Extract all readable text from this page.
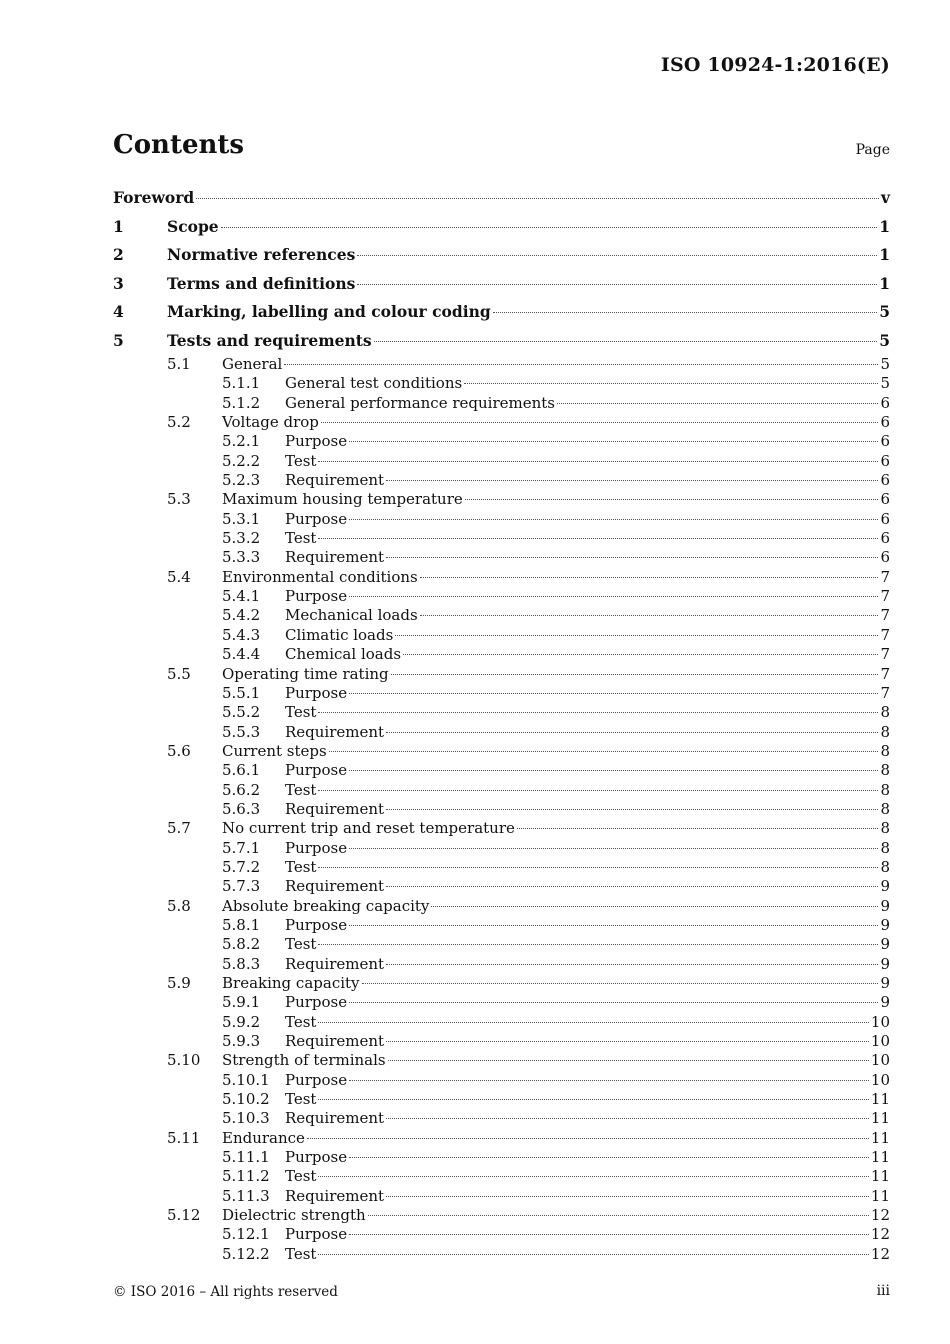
ISO 10924-1:2016(E)
Contents	Page
Foreword	v
1	Scope	1
2	Normative references	1
3	Terms and definitions	1
4	Marking, labelling and colour coding	5
5	Tests and requirements	5
5.1	General	5
5.1.1	General test conditions	5
5.1.2	General performance requirements	6
5.2	Voltage drop	6
5.2.1	Purpose	6
5.2.2	Test	6
5.2.3	Requirement	6
5.3	Maximum housing temperature	6
5.3.1	Purpose	6
5.3.2	Test	6
5.3.3	Requirement	6
5.4	Environmental conditions	7
5.4.1	Purpose	7
5.4.2	Mechanical loads	7
5.4.3	Climatic loads	7
5.4.4	Chemical loads	7
5.5	Operating time rating	7
5.5.1	Purpose	7
5.5.2	Test	8
5.5.3	Requirement	8
5.6	Current steps	8
5.6.1	Purpose	8
5.6.2	Test	8
5.6.3	Requirement	8
5.7	No current trip and reset temperature	8
5.7.1	Purpose	8
5.7.2	Test	8
5.7.3	Requirement	9
5.8	Absolute breaking capacity	9
5.8.1	Purpose	9
5.8.2	Test	9
5.8.3	Requirement	9
5.9	Breaking capacity	9
5.9.1	Purpose	9
5.9.2	Test	10
5.9.3	Requirement	10
5.10	Strength of terminals	10
5.10.1	Purpose	10
5.10.2	Test	11
5.10.3	Requirement	11
5.11	Endurance	11
5.11.1	Purpose	11
5.11.2	Test	11
5.11.3	Requirement	11
5.12	Dielectric strength	12
5.12.1	Purpose	12
5.12.2	Test	12
© ISO 2016 – All rights reserved	iii
